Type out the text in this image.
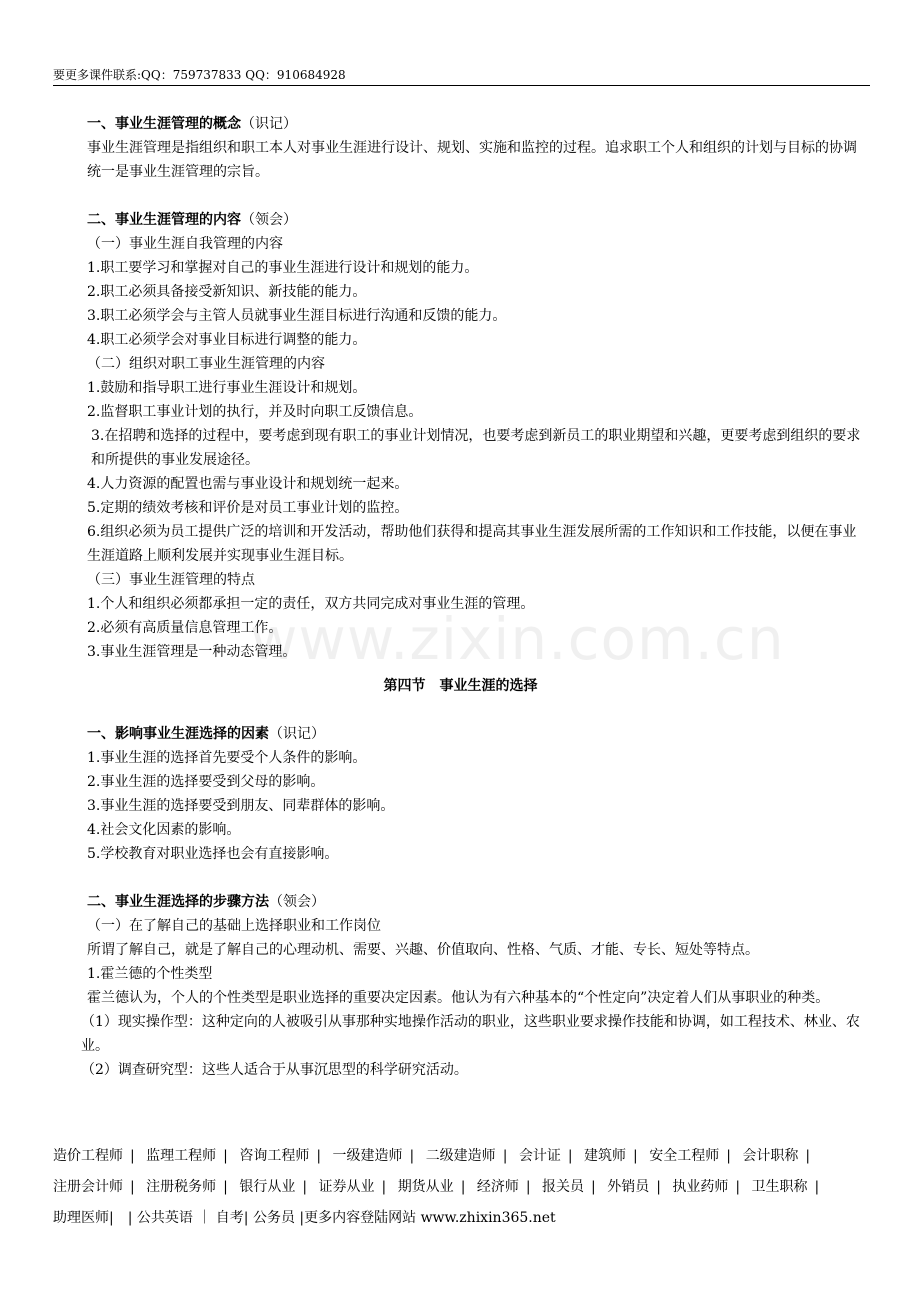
要更多课件联系:QQ：759737833 QQ：910684928
www.zixin.com.cn
一、事业生涯管理的概念（识记）
事业生涯管理是指组织和职工本人对事业生涯进行设计、规划、实施和监控的过程。追求职工个人和组织的计划与目标的协调统一是事业生涯管理的宗旨。
二、事业生涯管理的内容（领会）
（一）事业生涯自我管理的内容
1.职工要学习和掌握对自己的事业生涯进行设计和规划的能力。
2.职工必须具备接受新知识、新技能的能力。
3.职工必须学会与主管人员就事业生涯目标进行沟通和反馈的能力。
4.职工必须学会对事业目标进行调整的能力。
（二）组织对职工事业生涯管理的内容
1.鼓励和指导职工进行事业生涯设计和规划。
2.监督职工事业计划的执行，并及时向职工反馈信息。
3.在招聘和选择的过程中，要考虑到现有职工的事业计划情况，也要考虑到新员工的职业期望和兴趣，更要考虑到组织的要求和所提供的事业发展途径。
4.人力资源的配置也需与事业设计和规划统一起来。
5.定期的绩效考核和评价是对员工事业计划的监控。
6.组织必须为员工提供广泛的培训和开发活动，帮助他们获得和提高其事业生涯发展所需的工作知识和工作技能，以便在事业生涯道路上顺利发展并实现事业生涯目标。
（三）事业生涯管理的特点
1.个人和组织必须都承担一定的责任，双方共同完成对事业生涯的管理。
2.必须有高质量信息管理工作。
3.事业生涯管理是一种动态管理。
第四节　事业生涯的选择
一、影响事业生涯选择的因素（识记）
1.事业生涯的选择首先要受个人条件的影响。
2.事业生涯的选择要受到父母的影响。
3.事业生涯的选择要受到朋友、同辈群体的影响。
4.社会文化因素的影响。
5.学校教育对职业选择也会有直接影响。
二、事业生涯选择的步骤方法（领会）
（一）在了解自己的基础上选择职业和工作岗位
所谓了解自己，就是了解自己的心理动机、需要、兴趣、价值取向、性格、气质、才能、专长、短处等特点。
1.霍兰德的个性类型
霍兰德认为，个人的个性类型是职业选择的重要决定因素。他认为有六种基本的“个性定向”决定着人们从事职业的种类。
（1）现实操作型：这种定向的人被吸引从事那种实地操作活动的职业，这些职业要求操作技能和协调，如工程技术、林业、农业。
（2）调查研究型：这些人适合于从事沉思型的科学研究活动。
造价工程师 | 监理工程师 | 咨询工程师 | 一级建造师 | 二级建造师 | 会计证 | 建筑师 | 安全工程师 | 会计职称 |
注册会计师 | 注册税务师 | 银行从业 | 证券从业 | 期货从业 | 经济师 | 报关员 | 外销员 | 执业药师 | 卫生职称 |
助理医师|　| 公共英语 ｜ 自考| 公务员 |更多内容登陆网站 www.zhixin365.net
